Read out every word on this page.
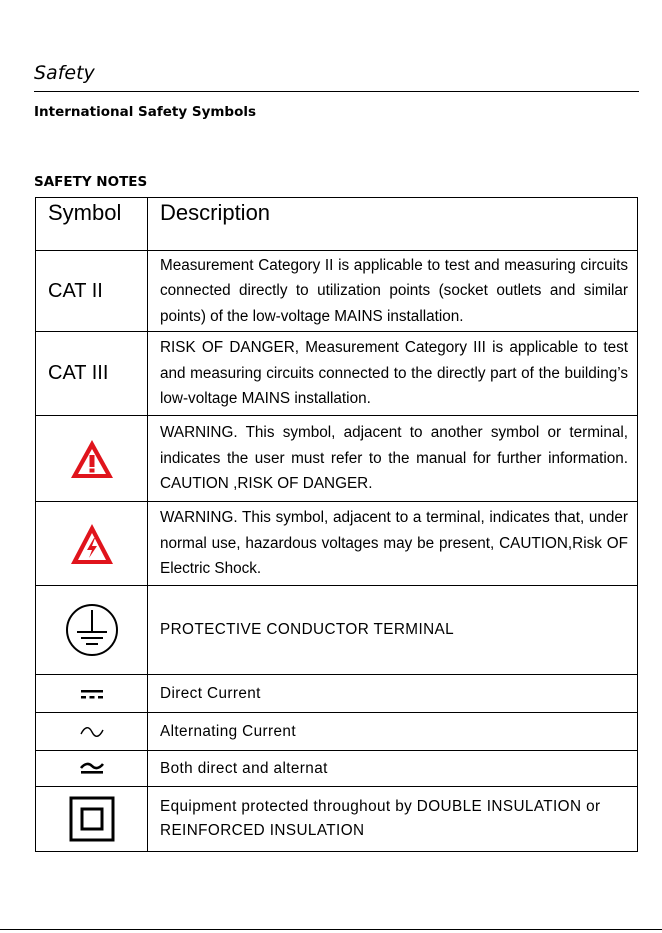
Safety
International Safety Symbols
SAFETY NOTES
Symbol	Description

CAT II	Measurement Category II is applicable to test and measuring circuits connected directly to utilization points (socket outlets and similar points) of the low-voltage MAINS installation.

CAT III	RISK OF DANGER, Measurement Category III is applicable to test and measuring circuits connected to the directly part of the building’s low-voltage MAINS installation.

WARNING. This symbol, adjacent to another symbol or terminal, indicates the user must refer to the manual for further information. CAUTION ,RISK OF DANGER.

WARNING. This symbol, adjacent to a terminal, indicates that, under normal use, hazardous voltages may be present, CAUTION,Risk OF Electric Shock.

PROTECTIVE CONDUCTOR TERMINAL

Direct Current

Alternating Current

Both direct and alternat

Equipment protected throughout by DOUBLE INSULATION or REINFORCED INSULATION
